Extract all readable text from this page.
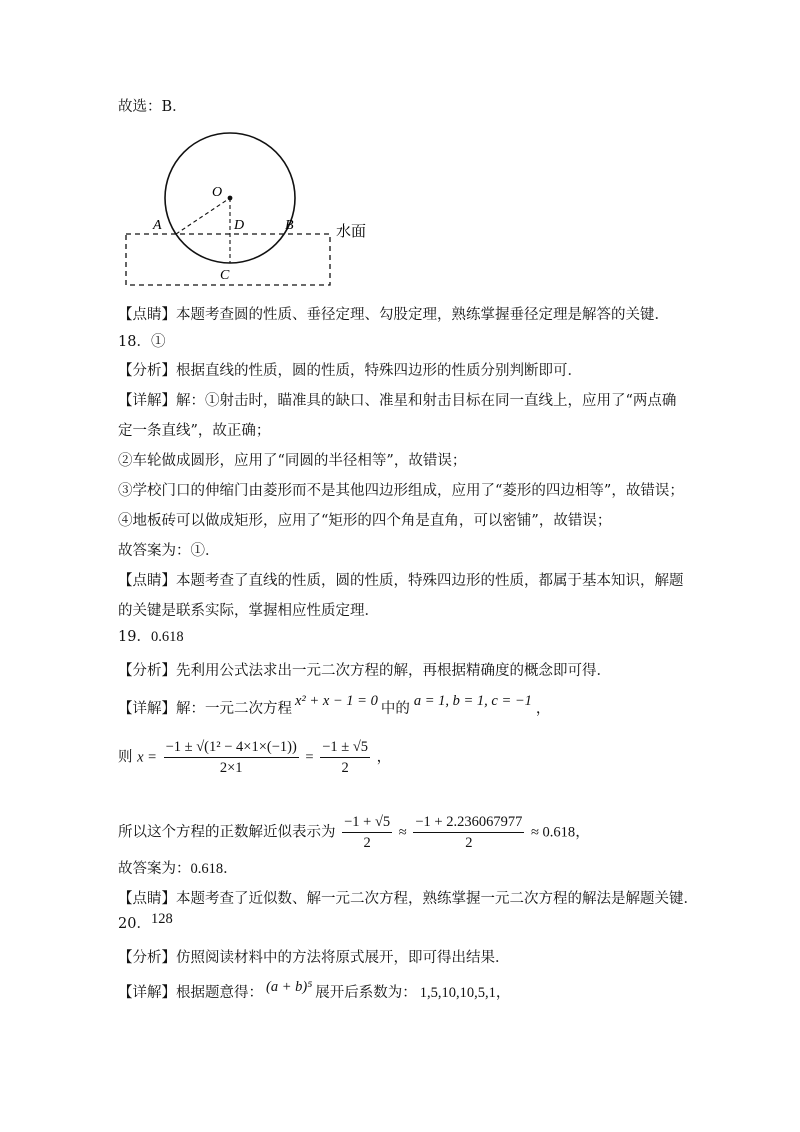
故选：B．
O
A	D	B
C
水面
【点睛】本题考查圆的性质、垂径定理、勾股定理，熟练掌握垂径定理是解答的关键．
18．①
【分析】根据直线的性质，圆的性质，特殊四边形的性质分别判断即可．
【详解】解：①射击时，瞄准具的缺口、准星和射击目标在同一直线上，应用了“两点确
定一条直线”，故正确；
②车轮做成圆形，应用了“同圆的半径相等”，故错误；
③学校门口的伸缩门由菱形而不是其他四边形组成，应用了“菱形的四边相等”，故错误；
④地板砖可以做成矩形，应用了“矩形的四个角是直角，可以密铺”，故错误；
故答案为：①．
【点睛】本题考查了直线的性质，圆的性质，特殊四边形的性质，都属于基本知识，解题
的关键是联系实际，掌握相应性质定理．
19．0.618
【分析】先利用公式法求出一元二次方程的解，再根据精确度的概念即可得．
【详解】解：一元二次方程 x² + x − 1 = 0 中的 a = 1, b = 1, c = −1 ，
则 $x = \frac{\text{−1 ± √(1² − 4×1×(−1))}}{2\times 1} = \frac{-1 \pm √5}{2}$ ，
所以这个方程的正数解近似表示为 $\frac{-1 + √5}{2} \approx \frac{-1 + 2.236067977}{2} \approx 0.618$，
故答案为：0.618．
【点睛】本题考查了近似数、解一元二次方程，熟练掌握一元二次方程的解法是解题关键．
20．128
【分析】仿照阅读材料中的方法将原式展开，即可得出结果．
【详解】根据题意得： (a + b)⁵ 展开后系数为： 1,5,10,10,5,1，
